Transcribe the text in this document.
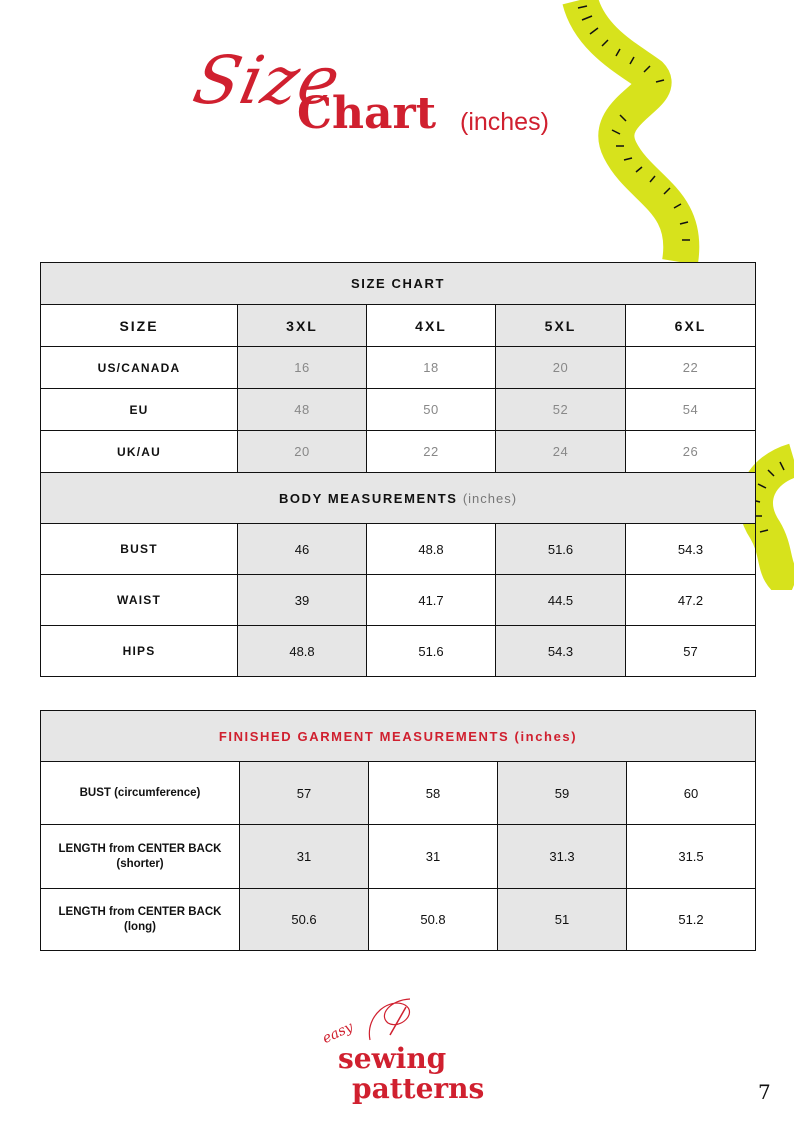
Size
Chart (inches)
SIZE CHART				
SIZE	3XL	4XL	5XL	6XL
US/CANADA	16	18	20	22
EU	48	50	52	54
UK/AU	20	22	24	26
BODY MEASUREMENTS (inches)				
BUST	46	48.8	51.6	54.3
WAIST	39	41.7	44.5	47.2
HIPS	48.8	51.6	54.3	57
FINISHED GARMENT MEASUREMENTS (inches)				
BUST (circumference)	57	58	59	60
LENGTH from CENTER BACK (shorter)	31	31	31.3	31.5
LENGTH from CENTER BACK (long)	50.6	50.8	51	51.2
easy
sewing
patterns	7
